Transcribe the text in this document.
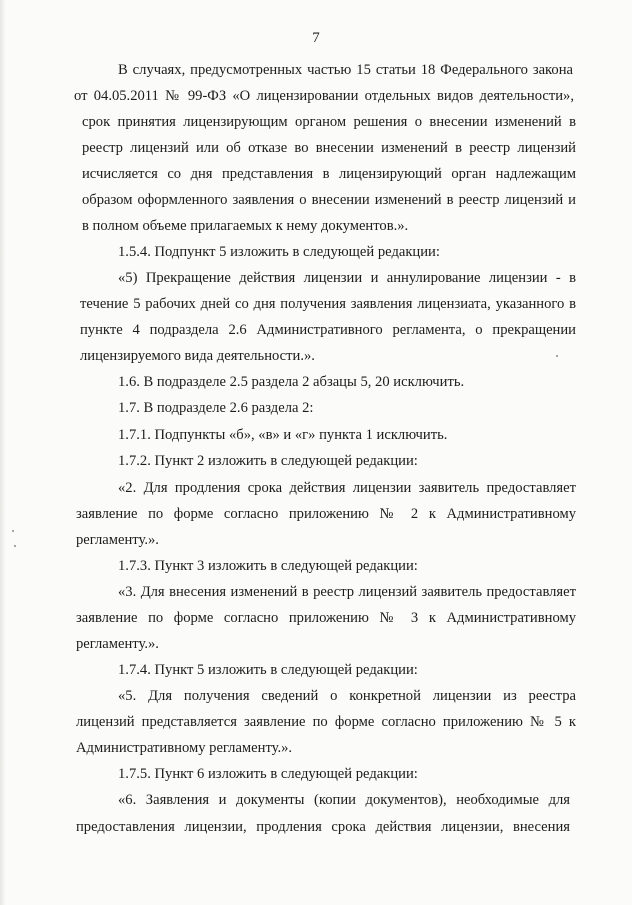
7
В случаях, предусмотренных частью 15 статьи 18 Федерального закона
от 04.05.2011 № 99-ФЗ «О лицензировании отдельных видов деятельности»,
срок принятия лицензирующим органом решения о внесении изменений в
реестр лицензий или об отказе во внесении изменений в реестр лицензий
исчисляется со дня представления в лицензирующий орган надлежащим
образом оформленного заявления о внесении изменений в реестр лицензий и
в полном объеме прилагаемых к нему документов.».
1.5.4. Подпункт 5 изложить в следующей редакции:
«5) Прекращение действия лицензии и аннулирование лицензии - в
течение 5 рабочих дней со дня получения заявления лицензиата, указанного в
пункте 4 подраздела 2.6 Административного регламента, о прекращении
лицензируемого вида деятельности.».
1.6. В подразделе 2.5 раздела 2 абзацы 5, 20 исключить.
1.7. В подразделе 2.6 раздела 2:
1.7.1. Подпункты «б», «в» и «г» пункта 1 исключить.
1.7.2. Пункт 2 изложить в следующей редакции:
«2. Для продления срока действия лицензии заявитель предоставляет
заявление по форме согласно приложению № 2 к Административному
регламенту.».
1.7.3. Пункт 3 изложить в следующей редакции:
«3. Для внесения изменений в реестр лицензий заявитель предоставляет
заявление по форме согласно приложению № 3 к Административному
регламенту.».
1.7.4. Пункт 5 изложить в следующей редакции:
«5. Для получения сведений о конкретной лицензии из реестра
лицензий представляется заявление по форме согласно приложению № 5 к
Административному регламенту.».
1.7.5. Пункт 6 изложить в следующей редакции:
«6. Заявления и документы (копии документов), необходимые для
предоставления лицензии, продления срока действия лицензии, внесения
